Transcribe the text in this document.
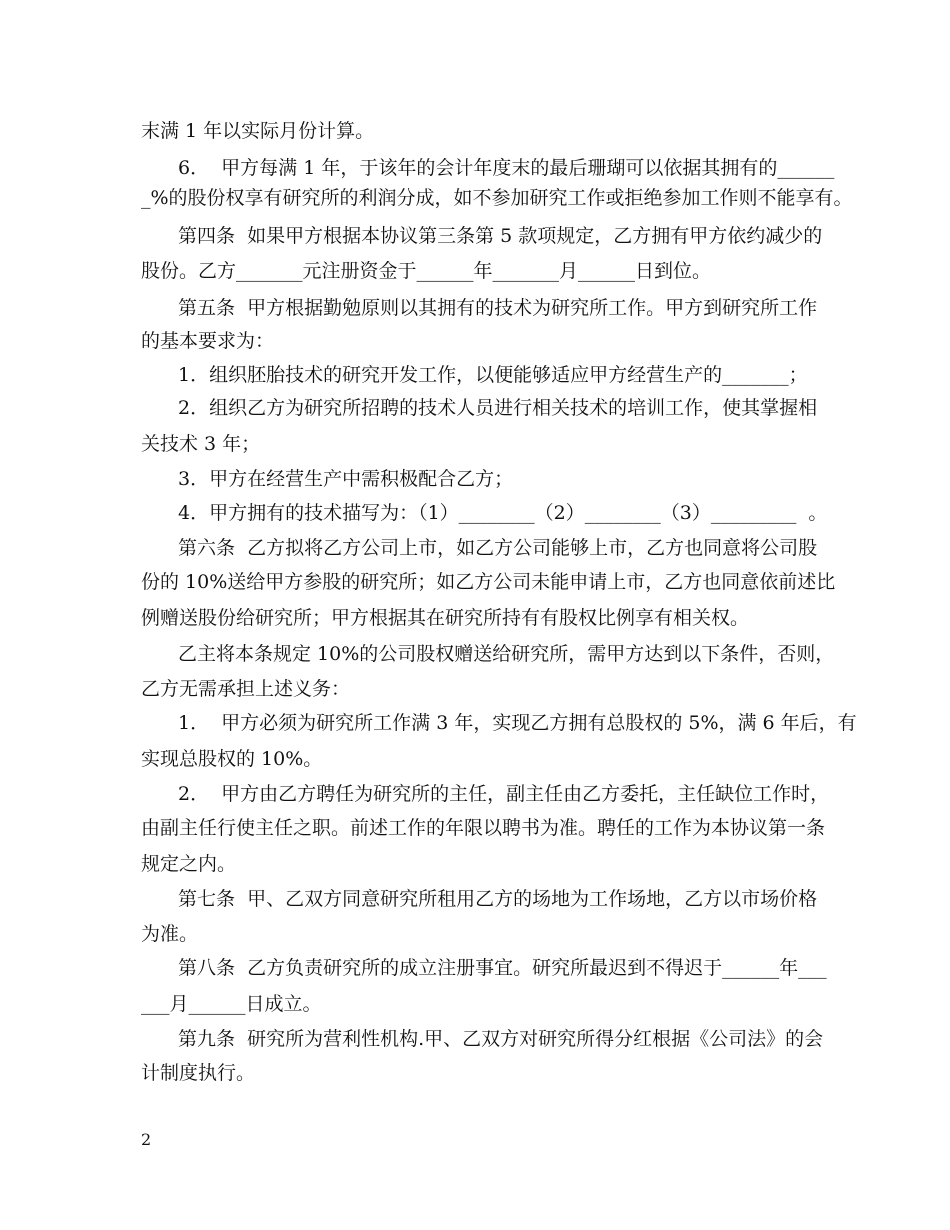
末满 1 年以实际月份计算。
6．  甲方每满 1 年，于该年的会计年度末的最后珊瑚可以依据其拥有的______
_%的股份权享有研究所的利润分成，如不参加研究工作或拒绝参加工作则不能享有。
第四条  如果甲方根据本协议第三条第 5 款项规定，乙方拥有甲方依约减少的
股份。乙方_______元注册资金于______年_______月______日到位。
第五条  甲方根据勤勉原则以其拥有的技术为研究所工作。甲方到研究所工作
的基本要求为：
1．组织胚胎技术的研究开发工作，以便能够适应甲方经营生产的_______；
2．组织乙方为研究所招聘的技术人员进行相关技术的培训工作，使其掌握相
关技术 3 年；
3．甲方在经营生产中需积极配合乙方；
4．甲方拥有的技术描写为：（1）________（2）________（3）_________  。
第六条  乙方拟将乙方公司上市，如乙方公司能够上市，乙方也同意将公司股
份的 10%送给甲方参股的研究所；如乙方公司未能申请上市，乙方也同意依前述比
例赠送股份给研究所；甲方根据其在研究所持有有股权比例享有相关权。
乙主将本条规定 10%的公司股权赠送给研究所，需甲方达到以下条件，否则，
乙方无需承担上述义务：
1．  甲方必须为研究所工作满 3 年，实现乙方拥有总股权的 5%，满 6 年后，有
实现总股权的 10%。
2．  甲方由乙方聘任为研究所的主任，副主任由乙方委托，主任缺位工作时，
由副主任行使主任之职。前述工作的年限以聘书为准。聘任的工作为本协议第一条
规定之内。
第七条  甲、乙双方同意研究所租用乙方的场地为工作场地，乙方以市场价格
为准。
第八条  乙方负责研究所的成立注册事宜。研究所最迟到不得迟于______年___
___月______日成立。
第九条  研究所为营利性机构.甲、乙双方对研究所得分红根据《公司法》的会
计制度执行。
2
